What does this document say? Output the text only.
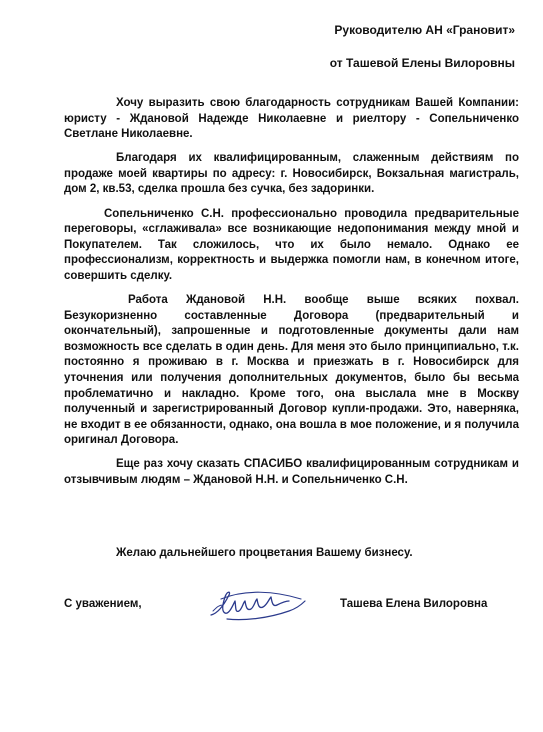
Руководителю АН «Грановит»
от Ташевой Елены Вилоровны

Хочу выразить свою благодарность сотрудникам Вашей Компании: юристу - Ждановой Надежде Николаевне и риелтору - Сопельниченко Светлане Николаевне.

Благодаря их квалифицированным, слаженным действиям по продаже моей квартиры по адресу: г. Новосибирск, Вокзальная магистраль, дом 2, кв.53, сделка прошла без сучка, без задоринки.

Сопельниченко С.Н. профессионально проводила предварительные переговоры, «сглаживала» все возникающие недопонимания между мной и Покупателем. Так сложилось, что их было немало. Однако ее профессионализм, корректность и выдержка помогли нам, в конечном итоге, совершить сделку.

Работа Ждановой Н.Н. вообще выше всяких похвал. Безукоризненно составленные Договора (предварительный и окончательный), запрошенные и подготовленные документы дали нам возможность все сделать в один день. Для меня это было принципиально, т.к. постоянно я проживаю в г. Москва и приезжать в г. Новосибирск для уточнения или получения дополнительных документов, было бы весьма проблематично и накладно. Кроме того, она выслала мне в Москву полученный и зарегистрированный Договор купли-продажи. Это, наверняка, не входит в ее обязанности, однако, она вошла в мое положение, и я получила оригинал Договора.

Еще раз хочу сказать СПАСИБО квалифицированным сотрудникам и отзывчивым людям – Ждановой Н.Н. и Сопельниченко С.Н.

Желаю дальнейшего процветания Вашему бизнесу.
С уважением,	Ташева Елена Вилоровна
